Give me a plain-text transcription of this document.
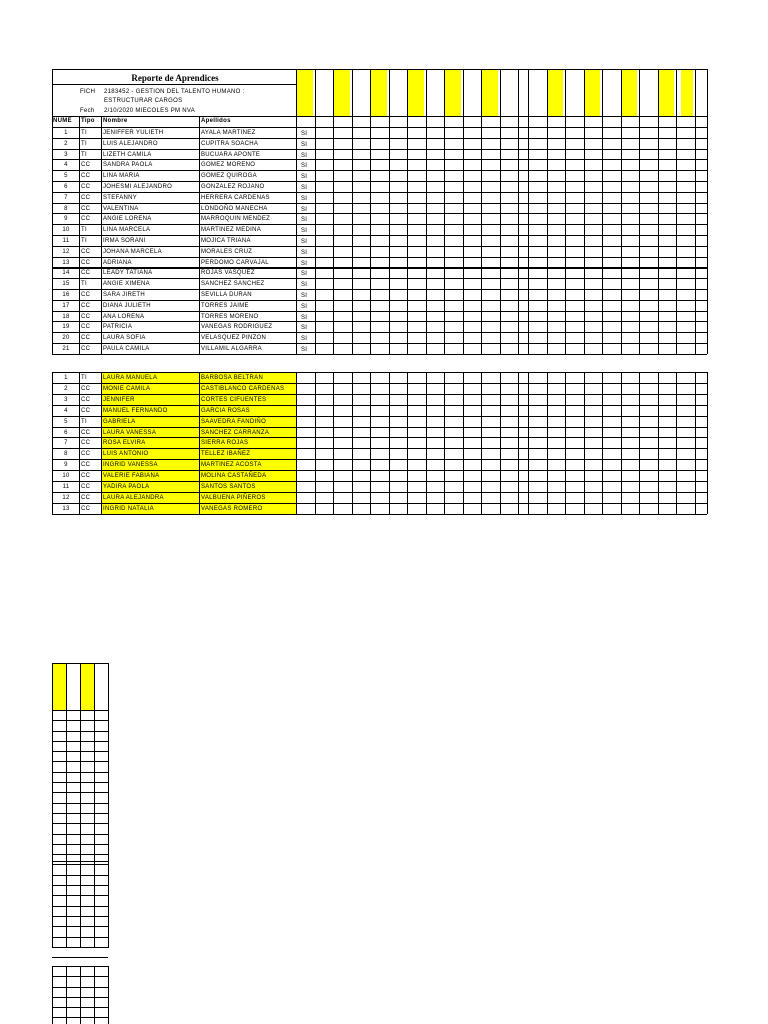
Reporte de Aprendices
FICH	2183452 - GESTION DEL TALENTO HUMANO :
ESTRUCTURAR CARGOS
Fech	2/10/2020 MIECOLES PM NVA
NUME	Tipo	Nombre	Apellidos
1	TI	JENIFFER YULIETH	AYALA MARTINEZ	SI
2	TI	LUIS ALEJANDRO	CUPITRA SOACHA	SI
3	TI	LIZETH CAMILA	BUCUARA APONTE	SI
4	CC	SANDRA PAOLA	GOMEZ MORENO	SI
5	CC	LINA MARIA	GOMEZ QUIROGA	SI
6	CC	JOHESMI ALEJANDRO	GONZALEZ ROJANO	SI
7	CC	STEFANNY	HERRERA CARDENAS	SI
8	CC	VALENTINA	LONDOÑO MANECHA	SI
9	CC	ANGIE LORENA	MARROQUIN MENDEZ	SI
10	TI	LINA MARCELA	MARTINEZ MEDINA	SI
11	TI	IRMA SORANI	MOJICA TRIANA	SI
12	CC	JOHANA MARCELA	MORALES CRUZ	SI
13	CC	ADRIANA	PERDOMO CARVAJAL	SI
14	CC	LEADY TATIANA	ROJAS VASQUEZ	SI
15	TI	ANGIE XIMENA	SANCHEZ SANCHEZ	SI
16	CC	SARA JIRETH	SEVILLA DURAN	SI
17	CC	DIANA JULIETH	TORRES JAIME	SI
18	CC	ANA LORENA	TORRES MORENO	SI
19	CC	PATRICIA	VANEGAS RODRIGUEZ	SI
20	CC	LAURA SOFIA	VELASQUEZ PINZON	SI
21	CC	PAULA CAMILA	VILLAMIL ALGARRA	SI
1	TI	LAURA MANUELA	BARBOSA BELTRAN
2	CC	MONIE CAMILA	CASTIBLANCO CARDENAS
3	CC	JENNIFER	CORTES CIFUENTES
4	CC	MANUEL FERNANDO	GARCIA ROSAS
5	TI	GABRIELA	SAAVEDRA FANDIÑO
6	CC	LAURA VANESSA	SANCHEZ CARRANZA
7	CC	ROSA ELVIRA	SIERRA ROJAS
8	CC	LUIS ANTONIO	TELLEZ IBAÑEZ
9	CC	INGRID VANESSA	MARTINEZ ACOSTA
10	CC	VALERIE FABIANA	MOLINA CASTAÑEDA
11	CC	YADIRA PAOLA	SANTOS SANTOS
12	CC	LAURA ALEJANDRA	VALBUENA PIÑEROS
13	CC	INGRID NATALIA	VANEGAS ROMERO
